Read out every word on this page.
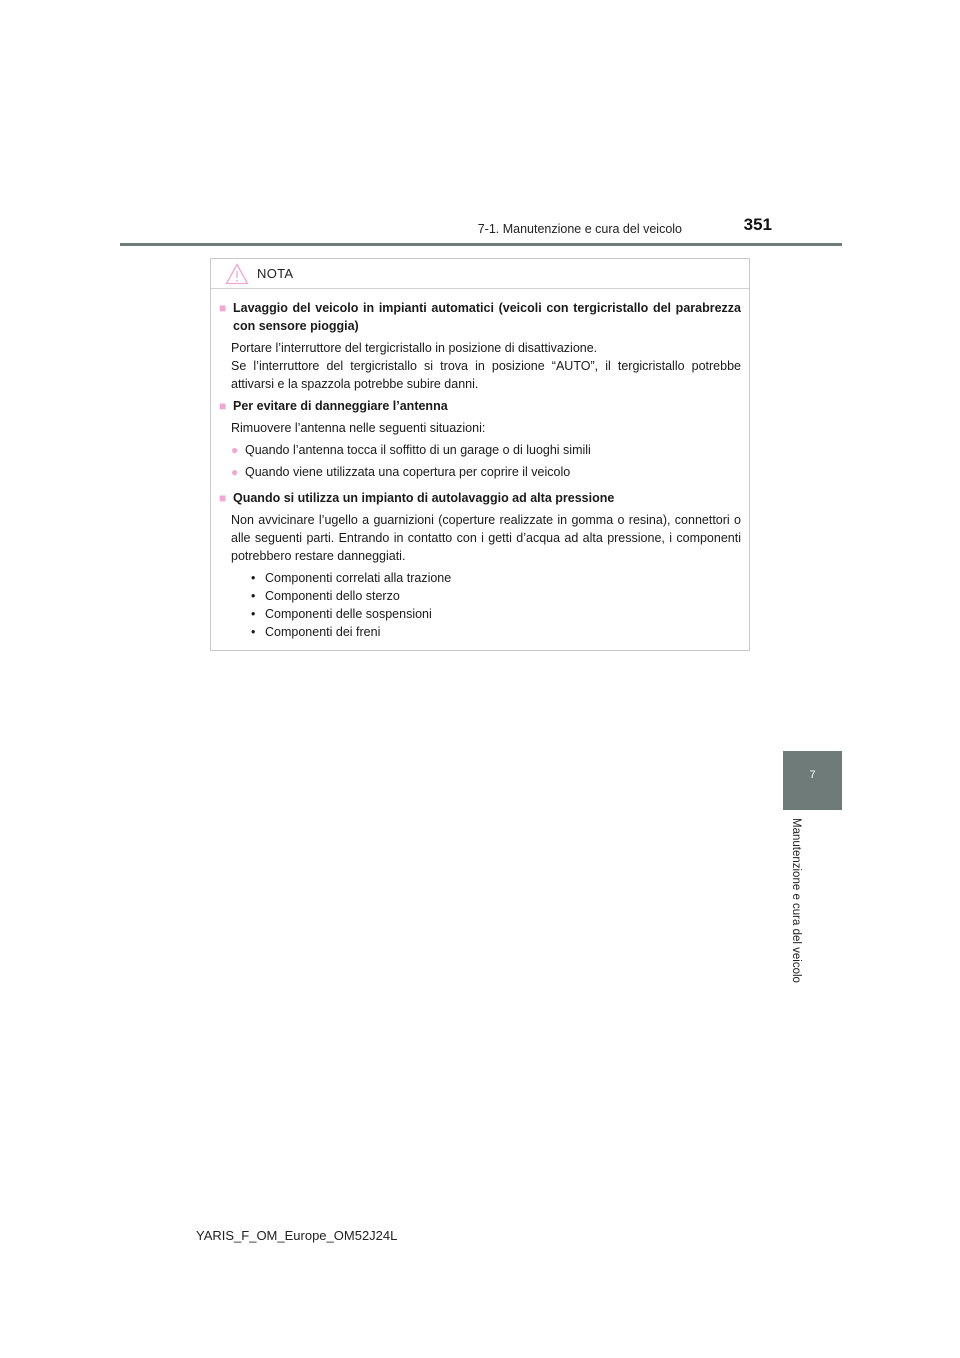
7-1. Manutenzione e cura del veicolo	351
7
Manutenzione e cura del veicolo
NOTA
■ Lavaggio del veicolo in impianti automatici (veicoli con tergicristallo del parabrezza con sensore pioggia)
Portare l’interruttore del tergicristallo in posizione di disattivazione.
Se l’interruttore del tergicristallo si trova in posizione “AUTO”, il tergicristallo potrebbe attivarsi e la spazzola potrebbe subire danni.
■ Per evitare di danneggiare l’antenna
Rimuovere l’antenna nelle seguenti situazioni:
● Quando l’antenna tocca il soffitto di un garage o di luoghi simili
● Quando viene utilizzata una copertura per coprire il veicolo
■ Quando si utilizza un impianto di autolavaggio ad alta pressione
Non avvicinare l’ugello a guarnizioni (coperture realizzate in gomma o resina), connettori o alle seguenti parti. Entrando in contatto con i getti d’acqua ad alta pressione, i componenti potrebbero restare danneggiati.
• Componenti correlati alla trazione
• Componenti dello sterzo
• Componenti delle sospensioni
• Componenti dei freni
YARIS_F_OM_Europe_OM52J24L
